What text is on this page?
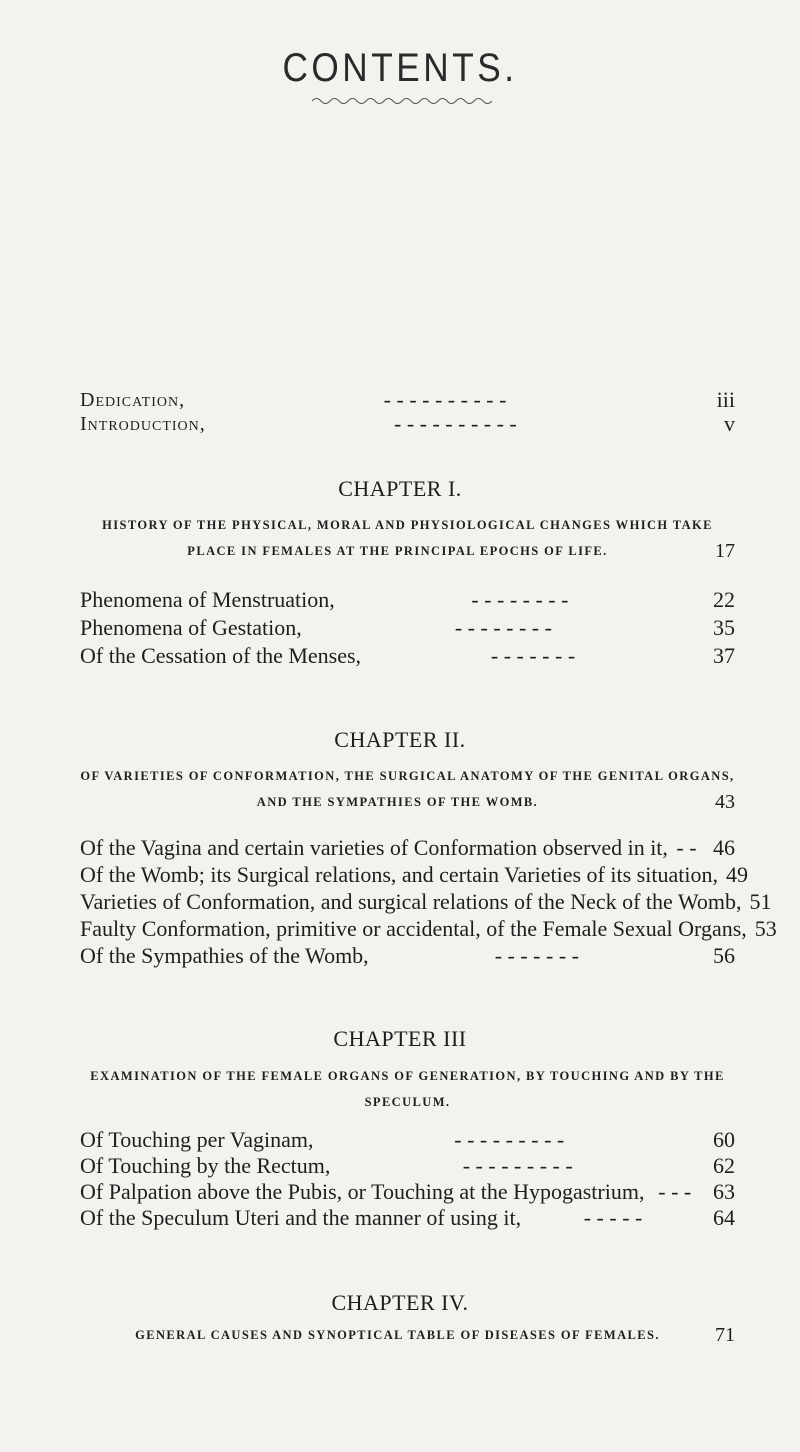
CONTENTS.
Dedication,	- - - - - - - - - -	iii
Introduction,	- - - - - - - - - -	v
CHAPTER I.
HISTORY OF THE PHYSICAL, MORAL AND PHYSIOLOGICAL CHANGES WHICH TAKE
PLACE IN FEMALES AT THE PRINCIPAL EPOCHS OF LIFE.	17
Phenomena of Menstruation,	- - - - - - - -	22
Phenomena of Gestation,	- - - - - - - -	35
Of the Cessation of the Menses,	- - - - - - -	37
CHAPTER II.
OF VARIETIES OF CONFORMATION, THE SURGICAL ANATOMY OF THE GENITAL ORGANS,
AND THE SYMPATHIES OF THE WOMB.	43
Of the Vagina and certain varieties of Conformation observed in it, - - 46
Of the Womb; its Surgical relations, and certain Varieties of its situation, 49
Varieties of Conformation, and surgical relations of the Neck of the Womb, 51
Faulty Conformation, primitive or accidental, of the Female Sexual Organs, 53
Of the Sympathies of the Womb,	- - - - - - -	56
CHAPTER III
EXAMINATION OF THE FEMALE ORGANS OF GENERATION, BY TOUCHING AND BY THE
SPECULUM.
Of Touching per Vaginam,	- - - - - - - - -	60
Of Touching by the Rectum,	- - - - - - - - -	62
Of Palpation above the Pubis, or Touching at the Hypogastrium, - - - 63
Of the Speculum Uteri and the manner of using it,	- - - - -	64
CHAPTER IV.
GENERAL CAUSES AND SYNOPTICAL TABLE OF DISEASES OF FEMALES.	71
